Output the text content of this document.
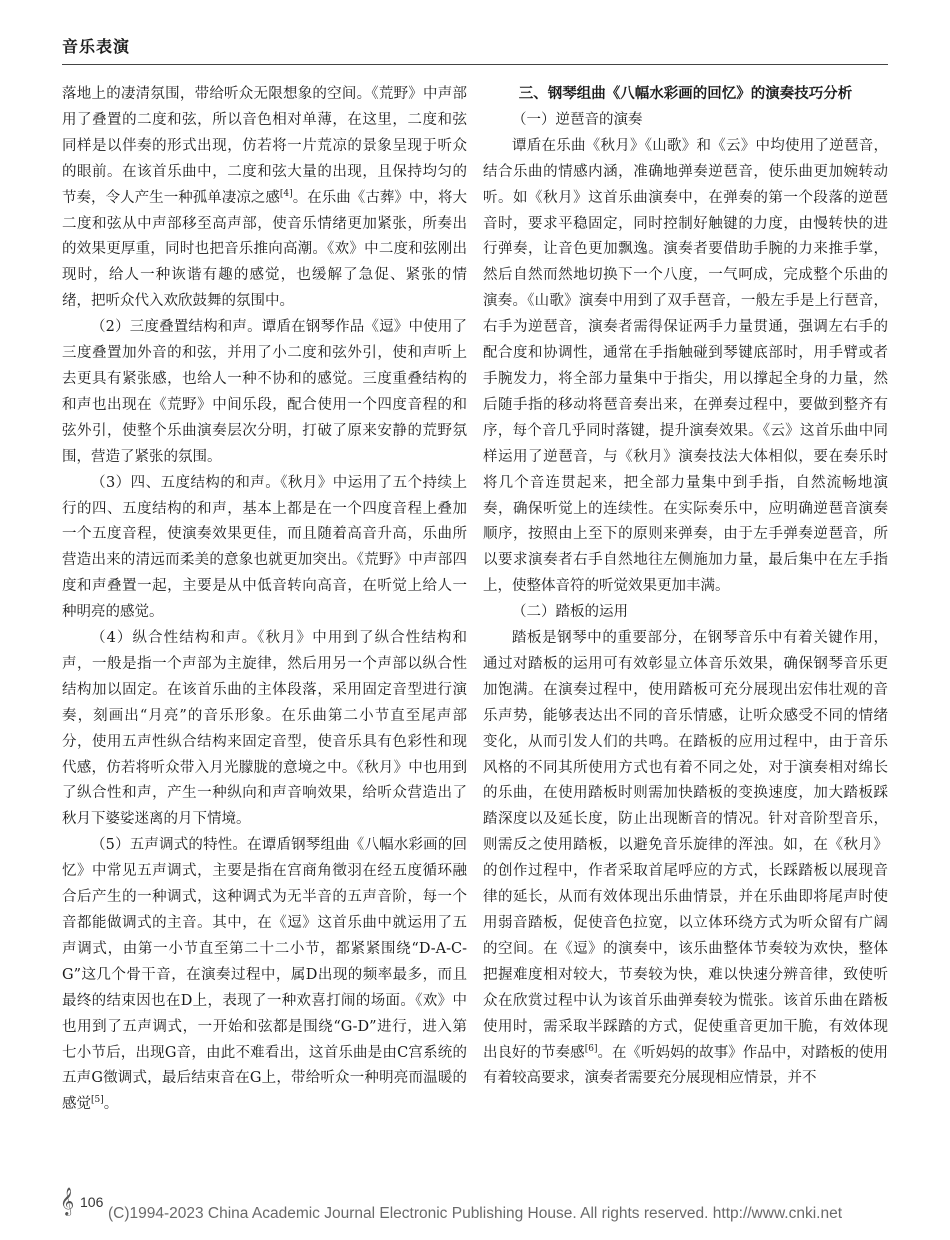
音乐表演

落地上的凄清氛围，带给听众无限想象的空间。《荒野》中声部用了叠置的二度和弦，所以音色相对单薄，在这里，二度和弦同样是以伴奏的形式出现，仿若将一片荒凉的景象呈现于听众的眼前。在该首乐曲中，二度和弦大量的出现，且保持均匀的节奏，令人产生一种孤单凄凉之感[4]。在乐曲《古葬》中，将大二度和弦从中声部移至高声部，使音乐情绪更加紧张，所奏出的效果更厚重，同时也把音乐推向高潮。《欢》中二度和弦刚出现时，给人一种诙谐有趣的感觉，也缓解了急促、紧张的情绪，把听众代入欢欣鼓舞的氛围中。

（2）三度叠置结构和声。谭盾在钢琴作品《逗》中使用了三度叠置加外音的和弦，并用了小二度和弦外引，使和声听上去更具有紧张感，也给人一种不协和的感觉。三度重叠结构的和声也出现在《荒野》中间乐段，配合使用一个四度音程的和弦外引，使整个乐曲演奏层次分明，打破了原来安静的荒野氛围，营造了紧张的氛围。

（3）四、五度结构的和声。《秋月》中运用了五个持续上行的四、五度结构的和声，基本上都是在一个四度音程上叠加一个五度音程，使演奏效果更佳，而且随着高音升高，乐曲所营造出来的清远而柔美的意象也就更加突出。《荒野》中声部四度和声叠置一起，主要是从中低音转向高音，在听觉上给人一种明亮的感觉。

（4）纵合性结构和声。《秋月》中用到了纵合性结构和声，一般是指一个声部为主旋律，然后用另一个声部以纵合性结构加以固定。在该首乐曲的主体段落，采用固定音型进行演奏，刻画出“月亮”的音乐形象。在乐曲第二小节直至尾声部分，使用五声性纵合结构来固定音型，使音乐具有色彩性和现代感，仿若将听众带入月光朦胧的意境之中。《秋月》中也用到了纵合性和声，产生一种纵向和声音响效果，给听众营造出了秋月下婆娑迷离的月下情境。

（5）五声调式的特性。在谭盾钢琴组曲《八幅水彩画的回忆》中常见五声调式，主要是指在宫商角徵羽在经五度循环融合后产生的一种调式，这种调式为无半音的五声音阶，每一个音都能做调式的主音。其中，在《逗》这首乐曲中就运用了五声调式，由第一小节直至第二十二小节，都紧紧围绕“D-A-C-G”这几个骨干音，在演奏过程中，属D出现的频率最多，而且最终的结束因也在D上，表现了一种欢喜打闹的场面。《欢》中也用到了五声调式，一开始和弦都是围绕“G-D”进行，进入第七小节后，出现G音，由此不难看出，这首乐曲是由C宫系统的五声G徵调式，最后结束音在G上，带给听众一种明亮而温暖的感觉[5]。

三、钢琴组曲《八幅水彩画的回忆》的演奏技巧分析

（一）逆琶音的演奏

谭盾在乐曲《秋月》《山歌》和《云》中均使用了逆琶音，结合乐曲的情感内涵，准确地弹奏逆琶音，使乐曲更加婉转动听。如《秋月》这首乐曲演奏中，在弹奏的第一个段落的逆琶音时，要求平稳固定，同时控制好触键的力度，由慢转快的进行弹奏，让音色更加飘逸。演奏者要借助手腕的力来推手掌，然后自然而然地切换下一个八度，一气呵成，完成整个乐曲的演奏。《山歌》演奏中用到了双手琶音，一般左手是上行琶音，右手为逆琶音，演奏者需得保证两手力量贯通，强调左右手的配合度和协调性，通常在手指触碰到琴键底部时，用手臂或者手腕发力，将全部力量集中于指尖，用以撑起全身的力量，然后随手指的移动将琶音奏出来，在弹奏过程中，要做到整齐有序，每个音几乎同时落键，提升演奏效果。《云》这首乐曲中同样运用了逆琶音，与《秋月》演奏技法大体相似，要在奏乐时将几个音连贯起来，把全部力量集中到手指，自然流畅地演奏，确保听觉上的连续性。在实际奏乐中，应明确逆琶音演奏顺序，按照由上至下的原则来弹奏，由于左手弹奏逆琶音，所以要求演奏者右手自然地往左侧施加力量，最后集中在左手指上，使整体音符的听觉效果更加丰满。

（二）踏板的运用

踏板是钢琴中的重要部分，在钢琴音乐中有着关键作用，通过对踏板的运用可有效彰显立体音乐效果，确保钢琴音乐更加饱满。在演奏过程中，使用踏板可充分展现出宏伟壮观的音乐声势，能够表达出不同的音乐情感，让听众感受不同的情绪变化，从而引发人们的共鸣。在踏板的应用过程中，由于音乐风格的不同其所使用方式也有着不同之处，对于演奏相对绵长的乐曲，在使用踏板时则需加快踏板的变换速度，加大踏板踩踏深度以及延长度，防止出现断音的情况。针对音阶型音乐，则需反之使用踏板，以避免音乐旋律的浑浊。如，在《秋月》的创作过程中，作者采取首尾呼应的方式，长踩踏板以展现音律的延长，从而有效体现出乐曲情景，并在乐曲即将尾声时使用弱音踏板，促使音色拉宽，以立体环绕方式为听众留有广阔的空间。在《逗》的演奏中，该乐曲整体节奏较为欢快，整体把握难度相对较大，节奏较为快，难以快速分辨音律，致使听众在欣赏过程中认为该首乐曲弹奏较为慌张。该首乐曲在踏板使用时，需采取半踩踏的方式，促使重音更加干脆，有效体现出良好的节奏感[6]。在《听妈妈的故事》作品中，对踏板的使用有着较高要求，演奏者需要充分展现相应情景，并不

𝄞 106
(C)1994-2023 China Academic Journal Electronic Publishing House. All rights reserved. http://www.cnki.net
